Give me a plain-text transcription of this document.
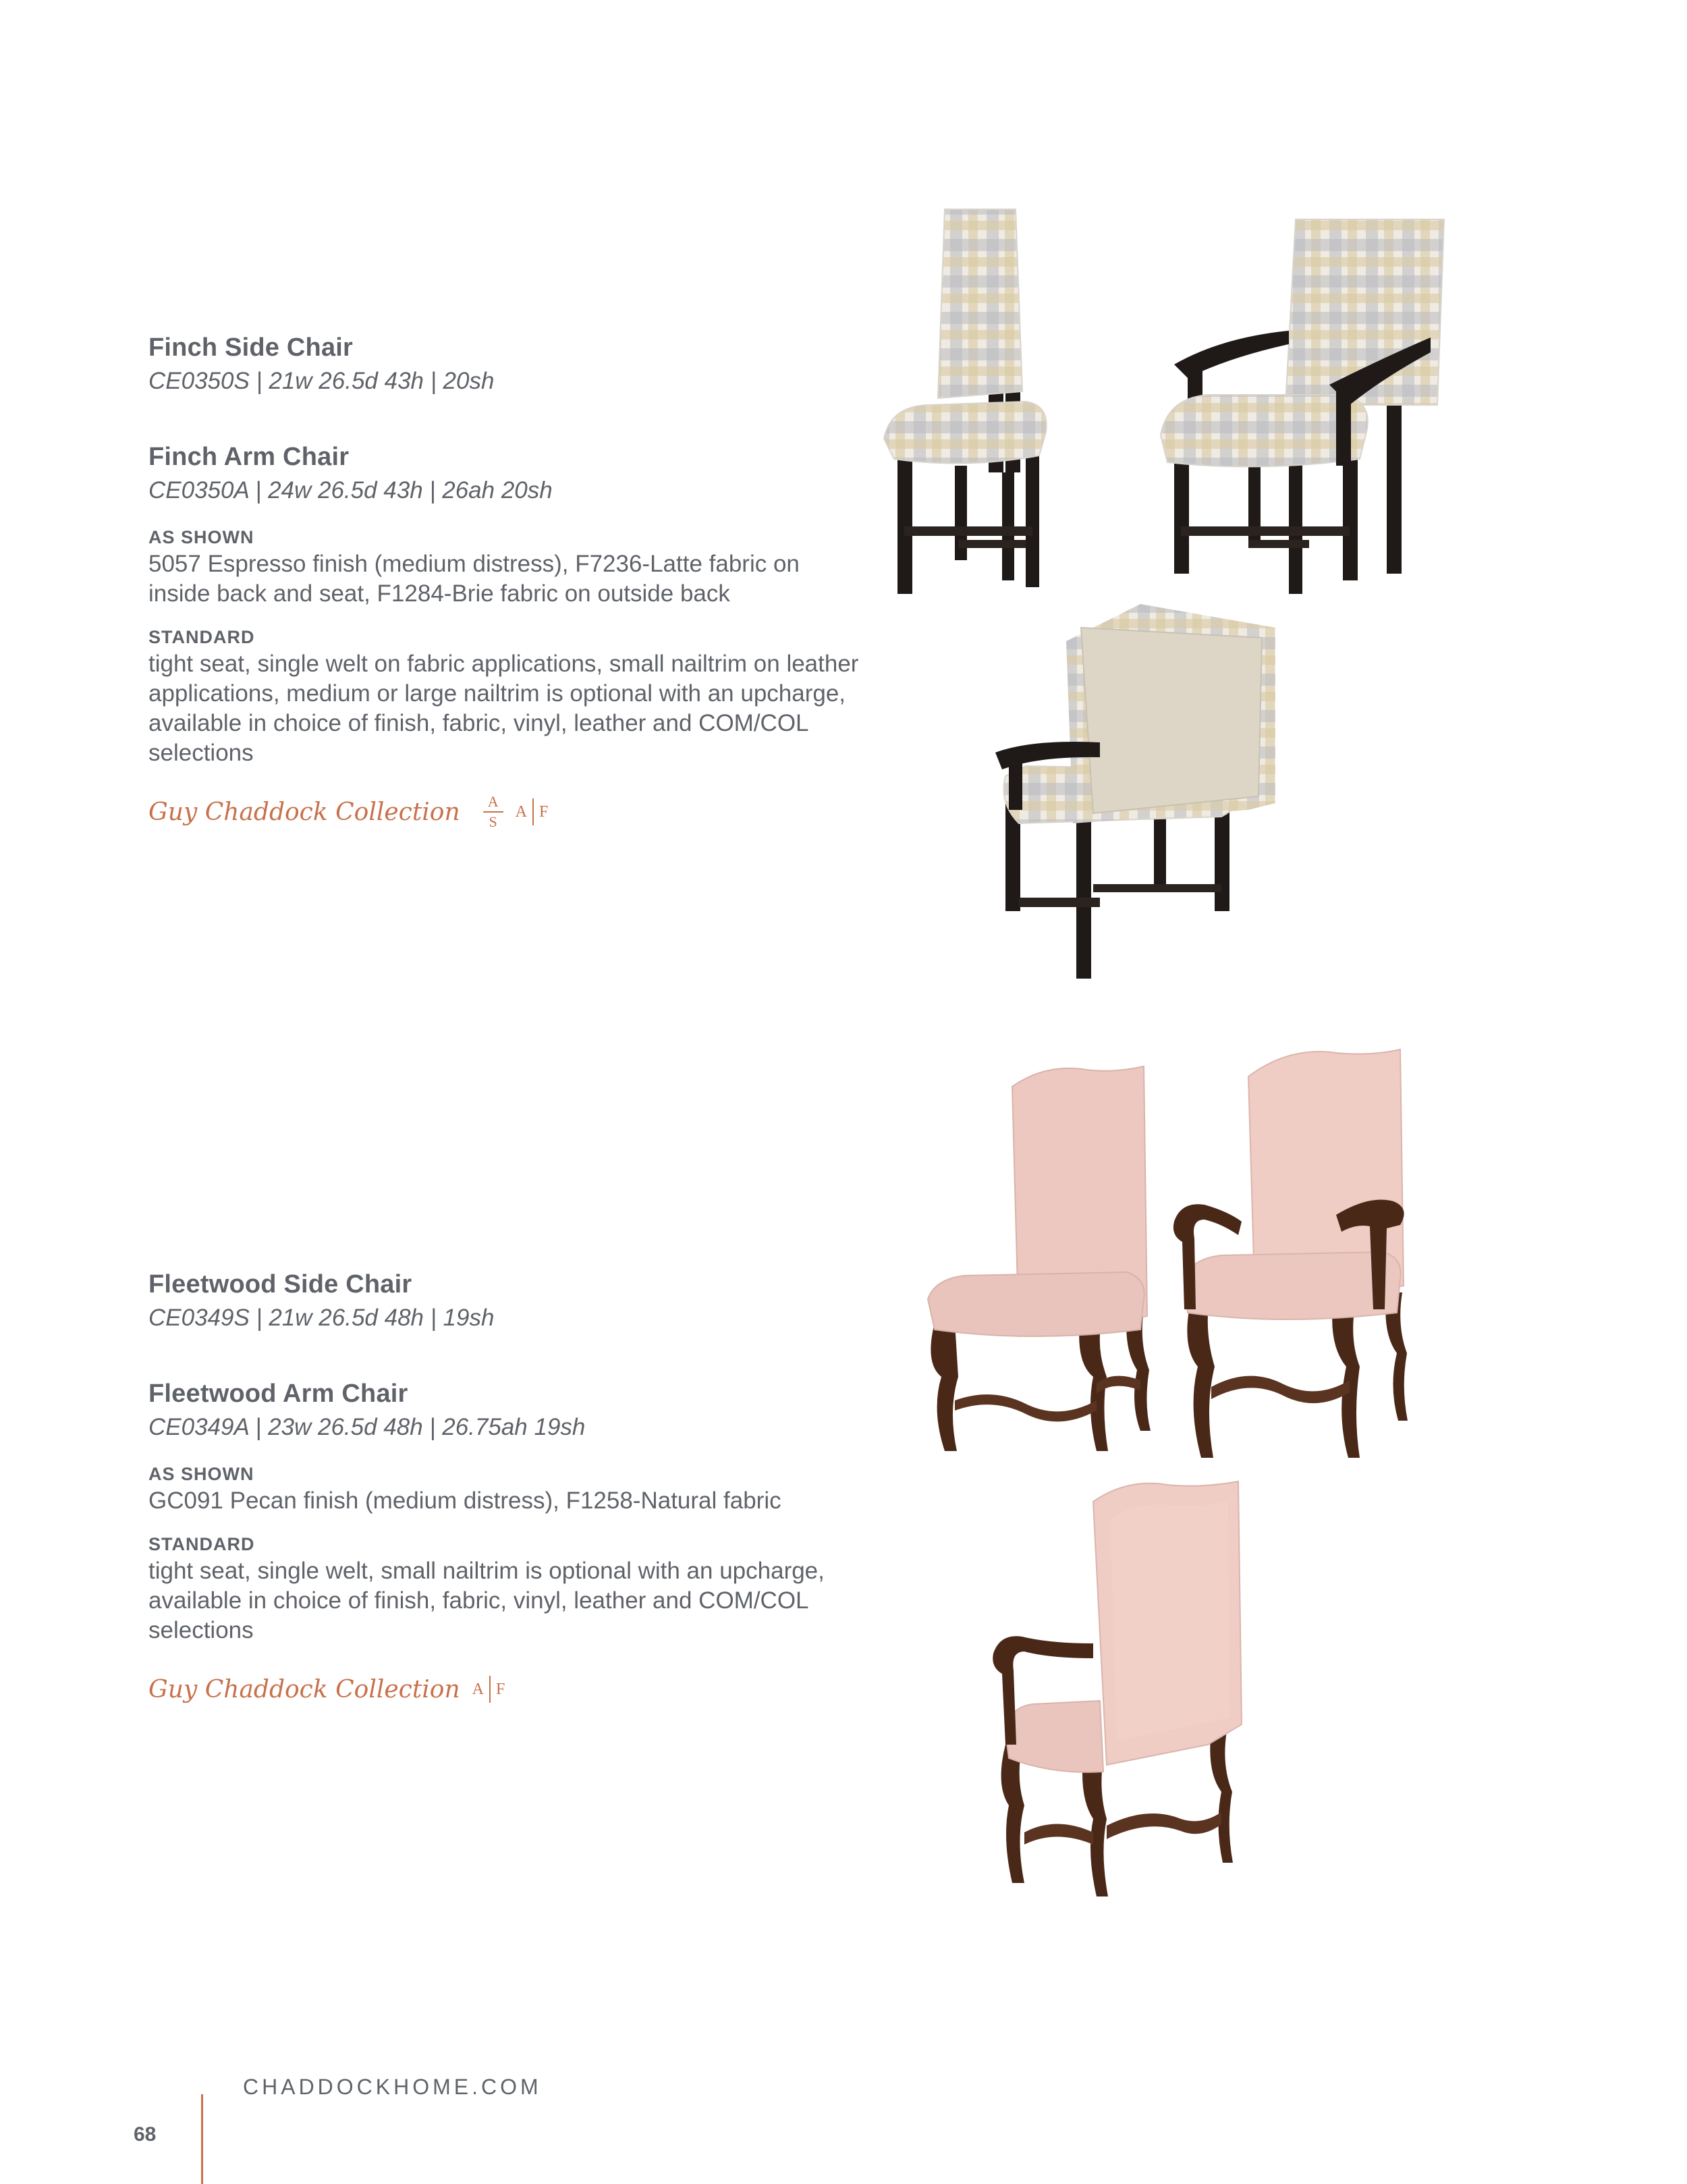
Finch Side Chair

CE0350S | 21w 26.5d 43h | 20sh

Finch Arm Chair

CE0350A | 24w 26.5d 43h | 26ah 20sh

AS SHOWN

5057 Espresso finish (medium distress), F7236-Latte fabric on inside back and seat, F1284-Brie fabric on outside back

STANDARD

tight seat, single welt on fabric applications, small nailtrim on leather applications, medium or large nailtrim is optional with an upcharge, available in choice of finish, fabric, vinyl, leather and COM/COL selections

Guy Chaddock Collection $\frac{A}{S}$ A F

Fleetwood Side Chair

CE0349S | 21w 26.5d 48h | 19sh

Fleetwood Arm Chair

CE0349A | 23w 26.5d 48h | 26.75ah 19sh

AS SHOWN

GC091 Pecan finish (medium distress), F1258-Natural fabric

STANDARD

tight seat, single welt, small nailtrim is optional with an upcharge, available in choice of finish, fabric, vinyl, leather and COM/COL selections

Guy Chaddock Collection A F
CHADDOCKHOME.COM
68
